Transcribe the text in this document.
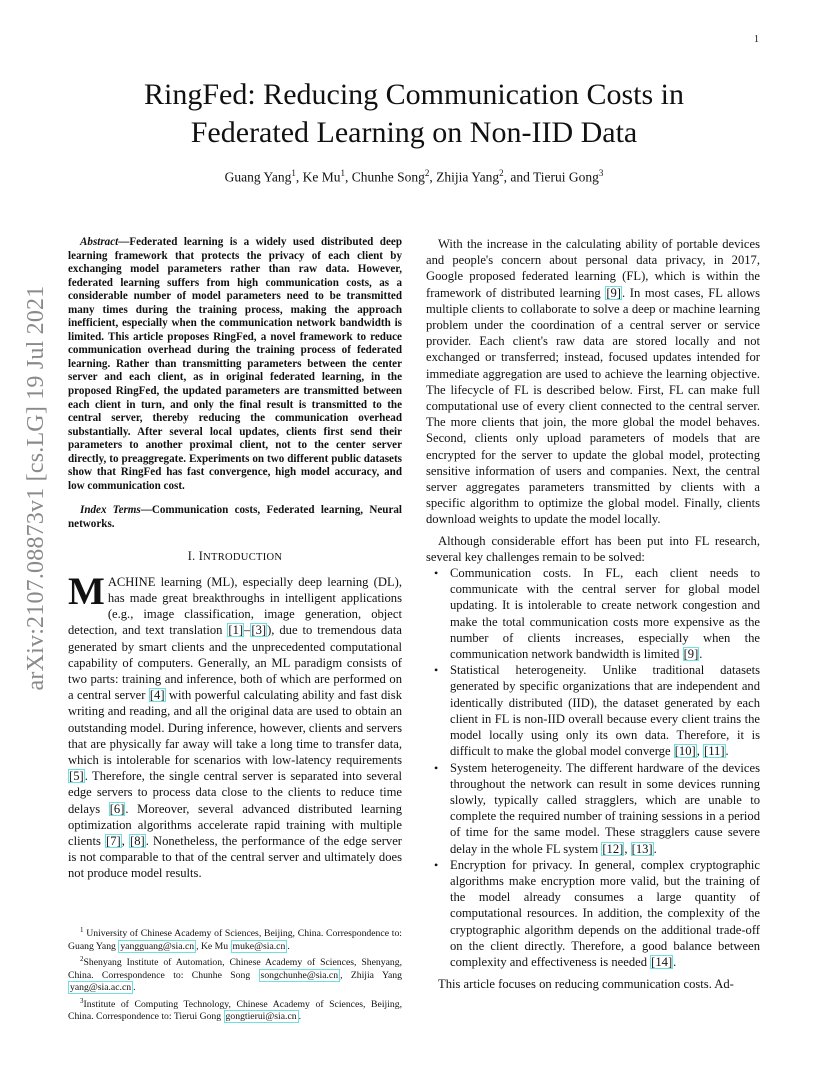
1
arXiv:2107.08873v1 [cs.LG] 19 Jul 2021
RingFed: Reducing Communication Costs in Federated Learning on Non-IID Data
Guang Yang$^1$, Ke Mu$^1$, Chunhe Song$^2$, Zhijia Yang$^2$, and Tierui Gong$^3$

Abstract—Federated learning is a widely used distributed deep learning framework that protects the privacy of each client by exchanging model parameters rather than raw data. However, federated learning suffers from high communication costs, as a considerable number of model parameters need to be transmitted many times during the training process, making the approach inefficient, especially when the communication network bandwidth is limited. This article proposes RingFed, a novel framework to reduce communication overhead during the training process of federated learning. Rather than transmitting parameters between the center server and each client, as in original federated learning, in the proposed RingFed, the updated parameters are transmitted between each client in turn, and only the final result is transmitted to the central server, thereby reducing the communication overhead substantially. After several local updates, clients first send their parameters to another proximal client, not to the center server directly, to preaggregate. Experiments on two different public datasets show that RingFed has fast convergence, high model accuracy, and low communication cost.

Index Terms—Communication costs, Federated learning, Neural networks.

I. INTRODUCTION

MACHINE learning (ML), especially deep learning (DL), has made great breakthroughs in intelligent applications (e.g., image classification, image generation, object detection, and text translation [1]–[3]), due to tremendous data generated by smart clients and the unprecedented computational capability of computers. Generally, an ML paradigm consists of two parts: training and inference, both of which are performed on a central server [4] with powerful calculating ability and fast disk writing and reading, and all the original data are used to obtain an outstanding model. During inference, however, clients and servers that are physically far away will take a long time to transfer data, which is intolerable for scenarios with low-latency requirements [5]. Therefore, the single central server is separated into several edge servers to process data close to the clients to reduce time delays [6]. Moreover, several advanced distributed learning optimization algorithms accelerate rapid training with multiple clients [7], [8]. Nonetheless, the performance of the edge server is not comparable to that of the central server and ultimately does not produce model results.

$^1$ University of Chinese Academy of Sciences, Beijing, China. Correspondence to: Guang Yang yangguang@sia.cn , Ke Mu muke@sia.cn .

$^2$Shenyang Institute of Automation, Chinese Academy of Sciences, Shenyang, China. Correspondence to: Chunhe Song songchunhe@sia.cn , Zhijia Yang yang@sia.ac.cn .

$^3$Institute of Computing Technology, Chinese Academy of Sciences, Beijing, China. Correspondence to: Tierui Gong gongtierui@sia.cn .

With the increase in the calculating ability of portable devices and people's concern about personal data privacy, in 2017, Google proposed federated learning (FL), which is within the framework of distributed learning [9]. In most cases, FL allows multiple clients to collaborate to solve a deep or machine learning problem under the coordination of a central server or service provider. Each client's raw data are stored locally and not exchanged or transferred; instead, focused updates intended for immediate aggregation are used to achieve the learning objective. The lifecycle of FL is described below. First, FL can make full computational use of every client connected to the central server. The more clients that join, the more global the model behaves. Second, clients only upload parameters of models that are encrypted for the server to update the global model, protecting sensitive information of users and companies. Next, the central server aggregates parameters transmitted by clients with a specific algorithm to optimize the global model. Finally, clients download weights to update the model locally.

Although considerable effort has been put into FL research, several key challenges remain to be solved:

• Communication costs. In FL, each client needs to communicate with the central server for global model updating. It is intolerable to create network congestion and make the total communication costs more expensive as the number of clients increases, especially when the communication network bandwidth is limited [9].
• Statistical heterogeneity. Unlike traditional datasets generated by specific organizations that are independent and identically distributed (IID), the dataset generated by each client in FL is non-IID overall because every client trains the model locally using only its own data. Therefore, it is difficult to make the global model converge [10], [11].
• System heterogeneity. The different hardware of the devices throughout the network can result in some devices running slowly, typically called stragglers, which are unable to complete the required number of training sessions in a period of time for the same model. These stragglers cause severe delay in the whole FL system [12], [13].
• Encryption for privacy. In general, complex cryptographic algorithms make encryption more valid, but the training of the model already consumes a large quantity of computational resources. In addition, the complexity of the cryptographic algorithm depends on the additional trade-off on the client directly. Therefore, a good balance between complexity and effectiveness is needed [14].

This article focuses on reducing communication costs. Ad-
